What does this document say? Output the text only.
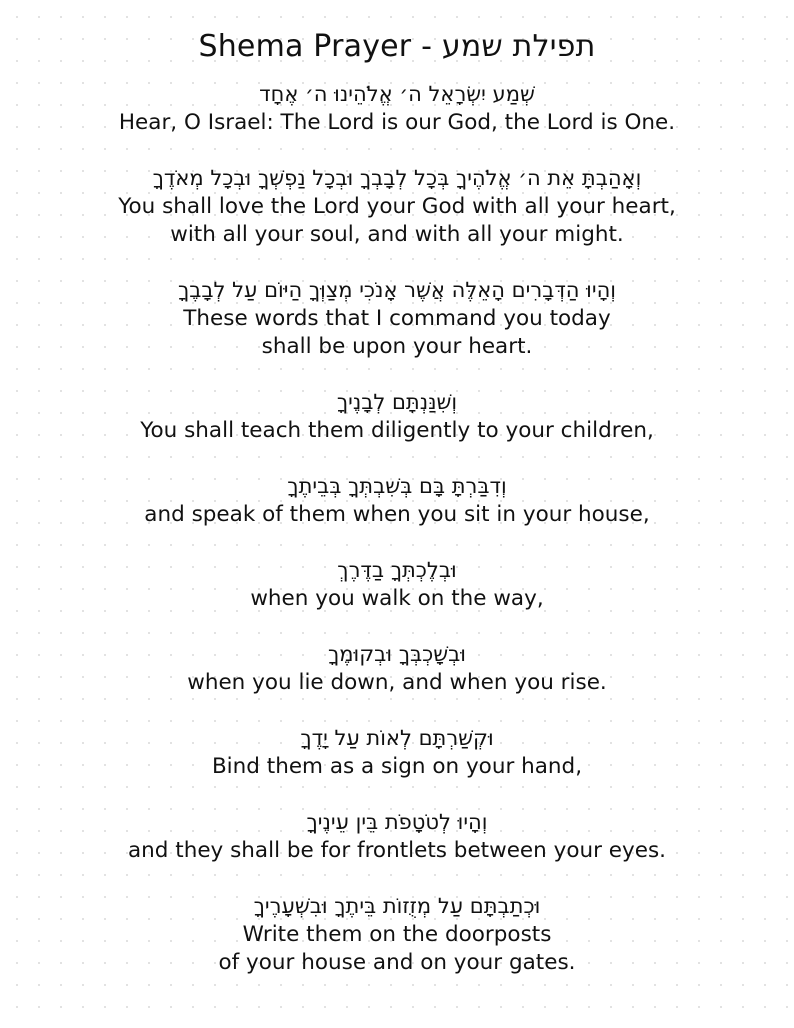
Shema Prayer - תפילת שמע
שְׁמַע יִשְׂרָאֵל ה׳ אֱלֹהֵינוּ ה׳ אֶחָד
Hear, O Israel: The Lord is our God, the Lord is One.
וְאָהַבְתָּ אֵת ה׳ אֱלֹהֶיךָ בְּכָל לְבָבְךָ וּבְכָל נַפְשְׁךָ וּבְכָל מְאֹדֶךָ
You shall love the Lord your God with all your heart,
with all your soul, and with all your might.
וְהָיוּ הַדְּבָרִים הָאֵלֶּה אֲשֶׁר אָנֹכִי מְצַוְּךָ הַיּוֹם עַל לְבָבֶךָ
These words that I command you today
shall be upon your heart.
וְשִׁנַּנְתָּם לְבָנֶיךָ
You shall teach them diligently to your children,
וְדִבַּרְתָּ בָּם בְּשִׁבְתְּךָ בְּבֵיתֶךָ
and speak of them when you sit in your house,
וּבְלֶכְתְּךָ בַדֶּרֶךְ
when you walk on the way,
וּבְשָׁכְבְּךָ וּבְקוּמֶךָ
when you lie down, and when you rise.
וּקְשַׁרְתָּם לְאוֹת עַל יָדֶךָ
Bind them as a sign on your hand,
וְהָיוּ לְטֹטָפֹת בֵּין עֵינֶיךָ
and they shall be for frontlets between your eyes.
וּכְתַבְתָּם עַל מְזֻזוֹת בֵּיתֶךָ וּבִשְׁעָרֶיךָ
Write them on the doorposts
of your house and on your gates.
